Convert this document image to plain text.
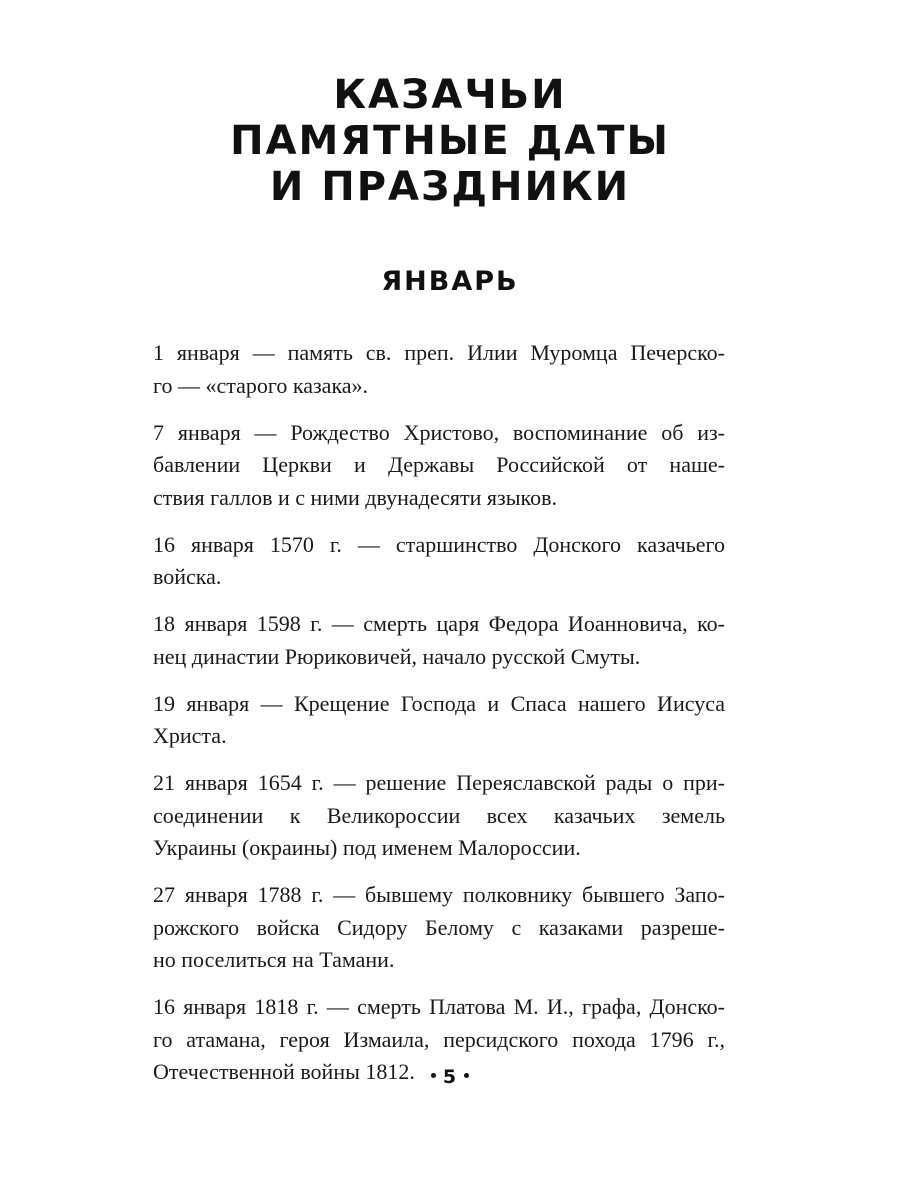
КАЗАЧЬИ
ПАМЯТНЫЕ ДАТЫ
И ПРАЗДНИКИ
ЯНВАРЬ

1 января — память св. преп. Илии Муромца Печерско-
го — «старого казака».

7 января — Рождество Христово, воспоминание об из-
бавлении Церкви и Державы Российской от наше-
ствия галлов и с ними двунадесяти языков.

16 января 1570 г. — старшинство Донского казачьего
войска.

18 января 1598 г. — смерть царя Федора Иоанновича, ко-
нец династии Рюриковичей, начало русской Смуты.

19 января — Крещение Господа и Спаса нашего Иисуса
Христа.

21 января 1654 г. — решение Переяславской рады о при-
соединении к Великороссии всех казачьих земель
Украины (окраины) под именем Малороссии.

27 января 1788 г. — бывшему полковнику бывшего Запо-
рожского войска Сидору Белому с казаками разреше-
но поселиться на Тамани.

16 января 1818 г. — смерть Платова М. И., графа, Донско-
го атамана, героя Измаила, персидского похода 1796 г.,
Отечественной войны 1812.	5
